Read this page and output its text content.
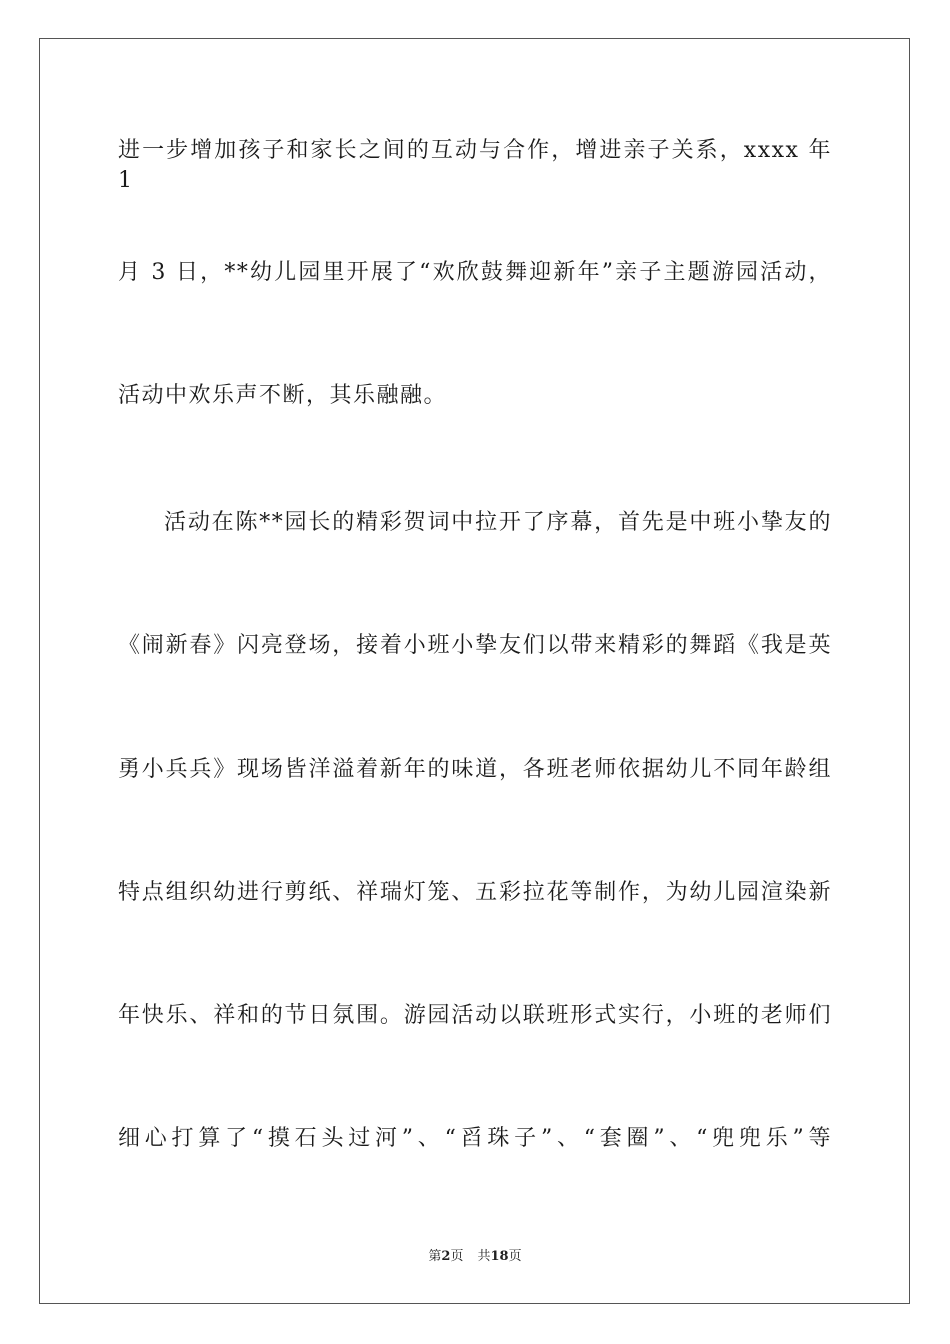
进一步增加孩子和家长之间的互动与合作，增进亲子关系，xxxx 年 1
月 3 日，**幼儿园里开展了“欢欣鼓舞迎新年”亲子主题游园活动，
活动中欢乐声不断，其乐融融。
活动在陈**园长的精彩贺词中拉开了序幕，首先是中班小挚友的
《闹新春》闪亮登场，接着小班小挚友们以带来精彩的舞蹈《我是英
勇小兵兵》现场皆洋溢着新年的味道，各班老师依据幼儿不同年龄组
特点组织幼进行剪纸、祥瑞灯笼、五彩拉花等制作，为幼儿园渲染新
年快乐、祥和的节日氛围。游园活动以联班形式实行，小班的老师们
细心打算了“摸石头过河”、“舀珠子”、“套圈”、“兜兜乐”等
第2页 共18页
